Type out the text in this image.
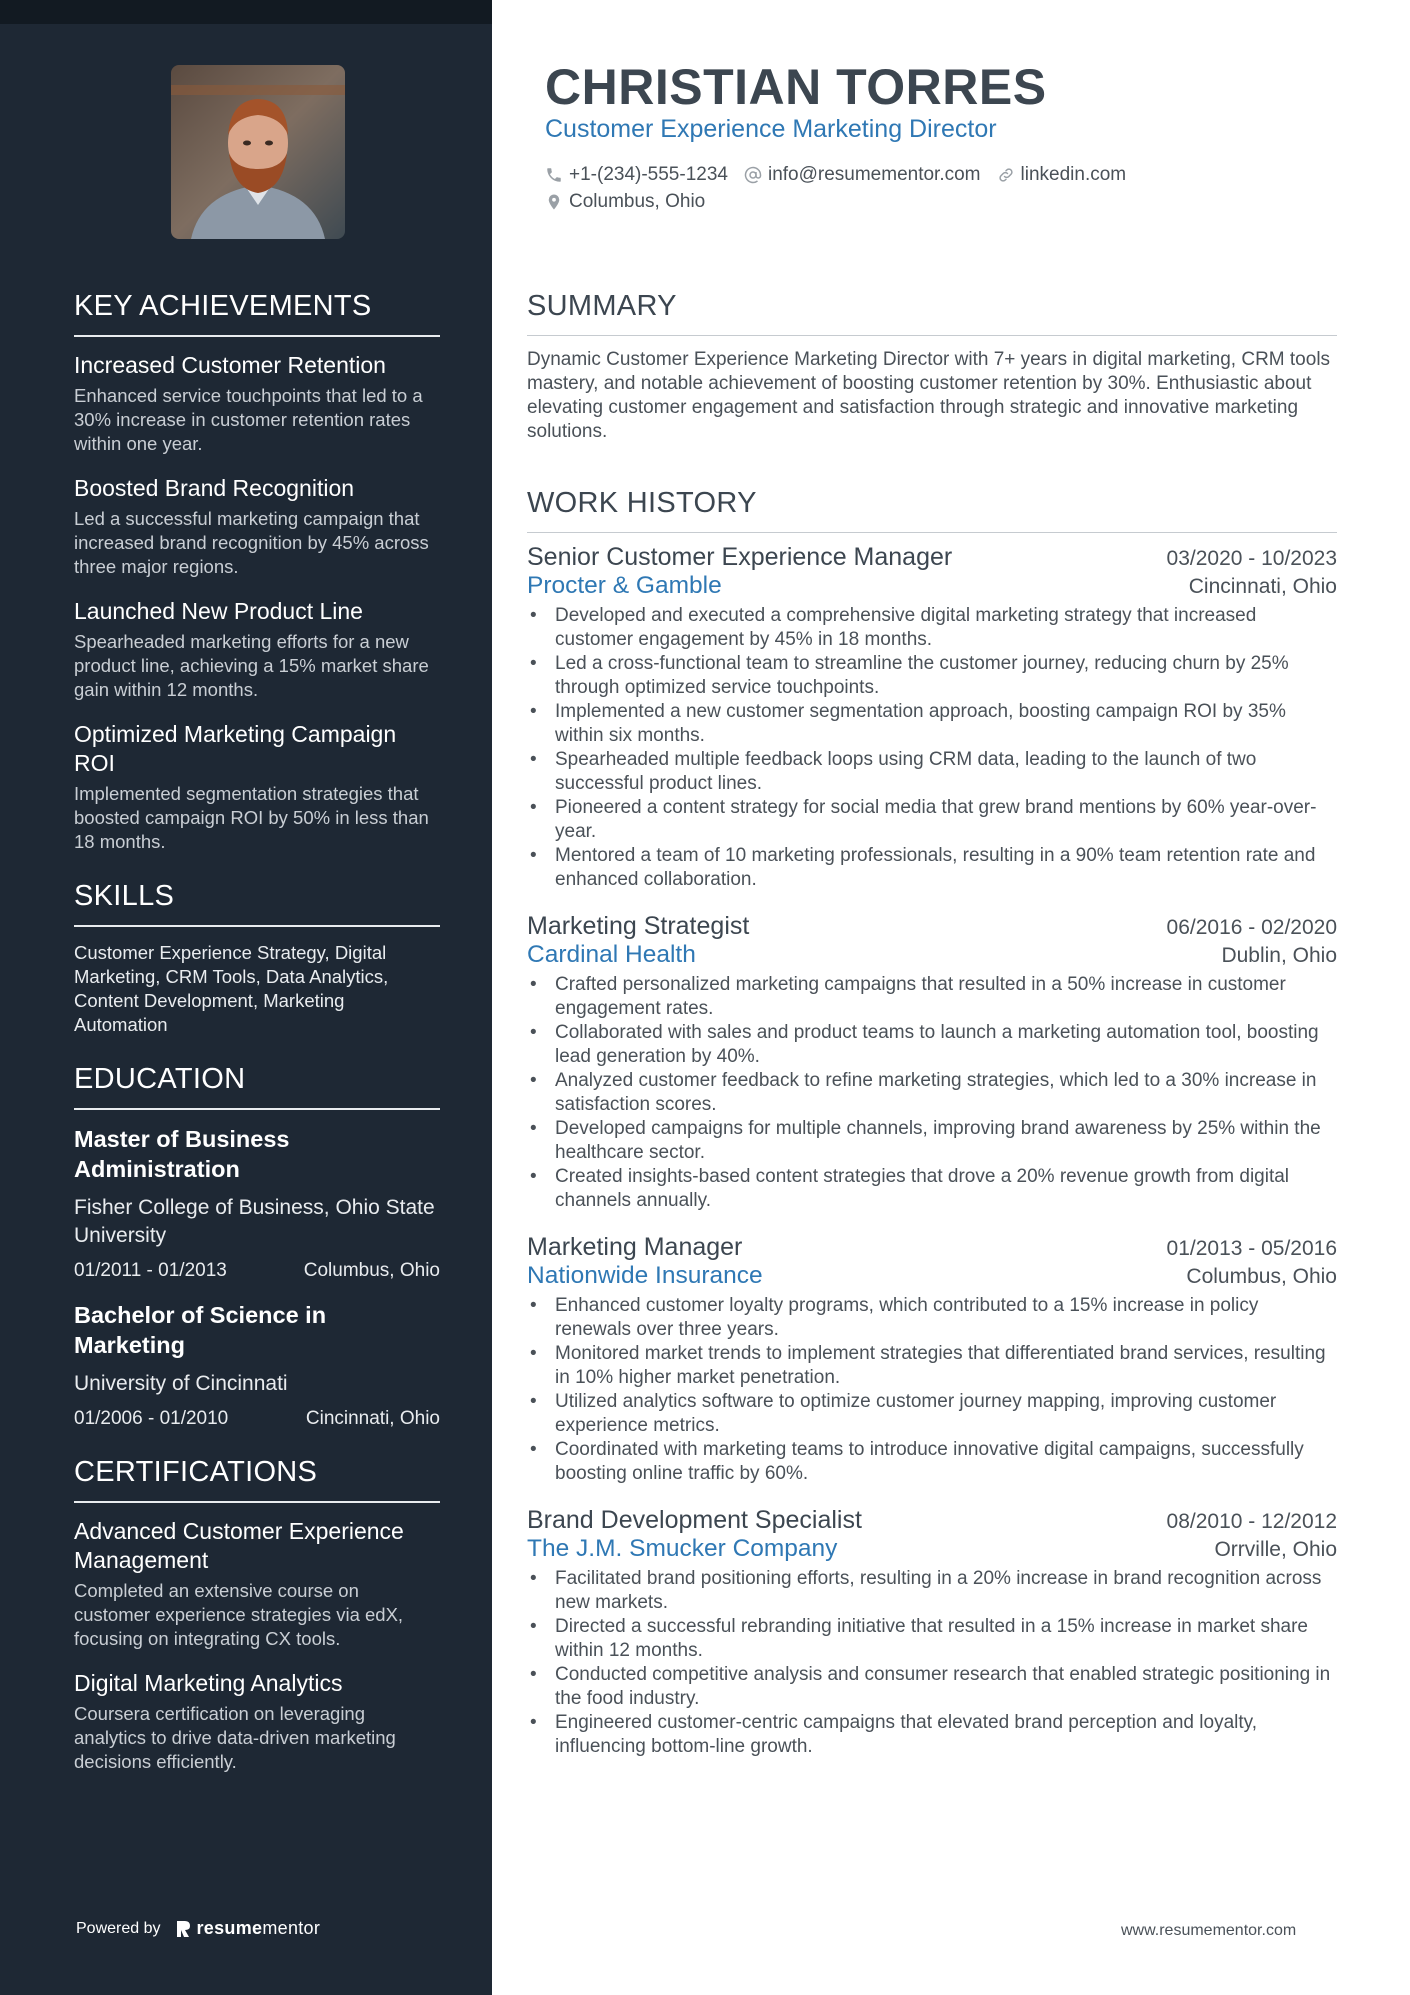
KEY ACHIEVEMENTS
Increased Customer Retention
Enhanced service touchpoints that led to a 30% increase in customer retention rates within one year.
Boosted Brand Recognition
Led a successful marketing campaign that increased brand recognition by 45% across three major regions.
Launched New Product Line
Spearheaded marketing efforts for a new product line, achieving a 15% market share gain within 12 months.
Optimized Marketing Campaign ROI
Implemented segmentation strategies that boosted campaign ROI by 50% in less than 18 months.
SKILLS
Customer Experience Strategy, Digital Marketing, CRM Tools, Data Analytics, Content Development, Marketing Automation
EDUCATION
Master of Business Administration
Fisher College of Business, Ohio State University
01/2011 - 01/2013	Columbus, Ohio
Bachelor of Science in Marketing
University of Cincinnati
01/2006 - 01/2010	Cincinnati, Ohio
CERTIFICATIONS
Advanced Customer Experience Management
Completed an extensive course on customer experience strategies via edX, focusing on integrating CX tools.
Digital Marketing Analytics
Coursera certification on leveraging analytics to drive data-driven marketing decisions efficiently.
Powered by resumementor
CHRISTIAN TORRES
Customer Experience Marketing Director
+1-(234)-555-1234 info@resumementor.com linkedin.com
Columbus, Ohio
SUMMARY
Dynamic Customer Experience Marketing Director with 7+ years in digital marketing, CRM tools mastery, and notable achievement of boosting customer retention by 30%. Enthusiastic about elevating customer engagement and satisfaction through strategic and innovative marketing solutions.
WORK HISTORY
Senior Customer Experience Manager	03/2020 - 10/2023
Procter & Gamble	Cincinnati, Ohio
• Developed and executed a comprehensive digital marketing strategy that increased customer engagement by 45% in 18 months.
• Led a cross-functional team to streamline the customer journey, reducing churn by 25% through optimized service touchpoints.
• Implemented a new customer segmentation approach, boosting campaign ROI by 35% within six months.
• Spearheaded multiple feedback loops using CRM data, leading to the launch of two successful product lines.
• Pioneered a content strategy for social media that grew brand mentions by 60% year-over-year.
• Mentored a team of 10 marketing professionals, resulting in a 90% team retention rate and enhanced collaboration.
Marketing Strategist	06/2016 - 02/2020
Cardinal Health	Dublin, Ohio
• Crafted personalized marketing campaigns that resulted in a 50% increase in customer engagement rates.
• Collaborated with sales and product teams to launch a marketing automation tool, boosting lead generation by 40%.
• Analyzed customer feedback to refine marketing strategies, which led to a 30% increase in satisfaction scores.
• Developed campaigns for multiple channels, improving brand awareness by 25% within the healthcare sector.
• Created insights-based content strategies that drove a 20% revenue growth from digital channels annually.
Marketing Manager	01/2013 - 05/2016
Nationwide Insurance	Columbus, Ohio
• Enhanced customer loyalty programs, which contributed to a 15% increase in policy renewals over three years.
• Monitored market trends to implement strategies that differentiated brand services, resulting in 10% higher market penetration.
• Utilized analytics software to optimize customer journey mapping, improving customer experience metrics.
• Coordinated with marketing teams to introduce innovative digital campaigns, successfully boosting online traffic by 60%.
Brand Development Specialist	08/2010 - 12/2012
The J.M. Smucker Company	Orrville, Ohio
• Facilitated brand positioning efforts, resulting in a 20% increase in brand recognition across new markets.
• Directed a successful rebranding initiative that resulted in a 15% increase in market share within 12 months.
• Conducted competitive analysis and consumer research that enabled strategic positioning in the food industry.
• Engineered customer-centric campaigns that elevated brand perception and loyalty, influencing bottom-line growth.
www.resumementor.com
